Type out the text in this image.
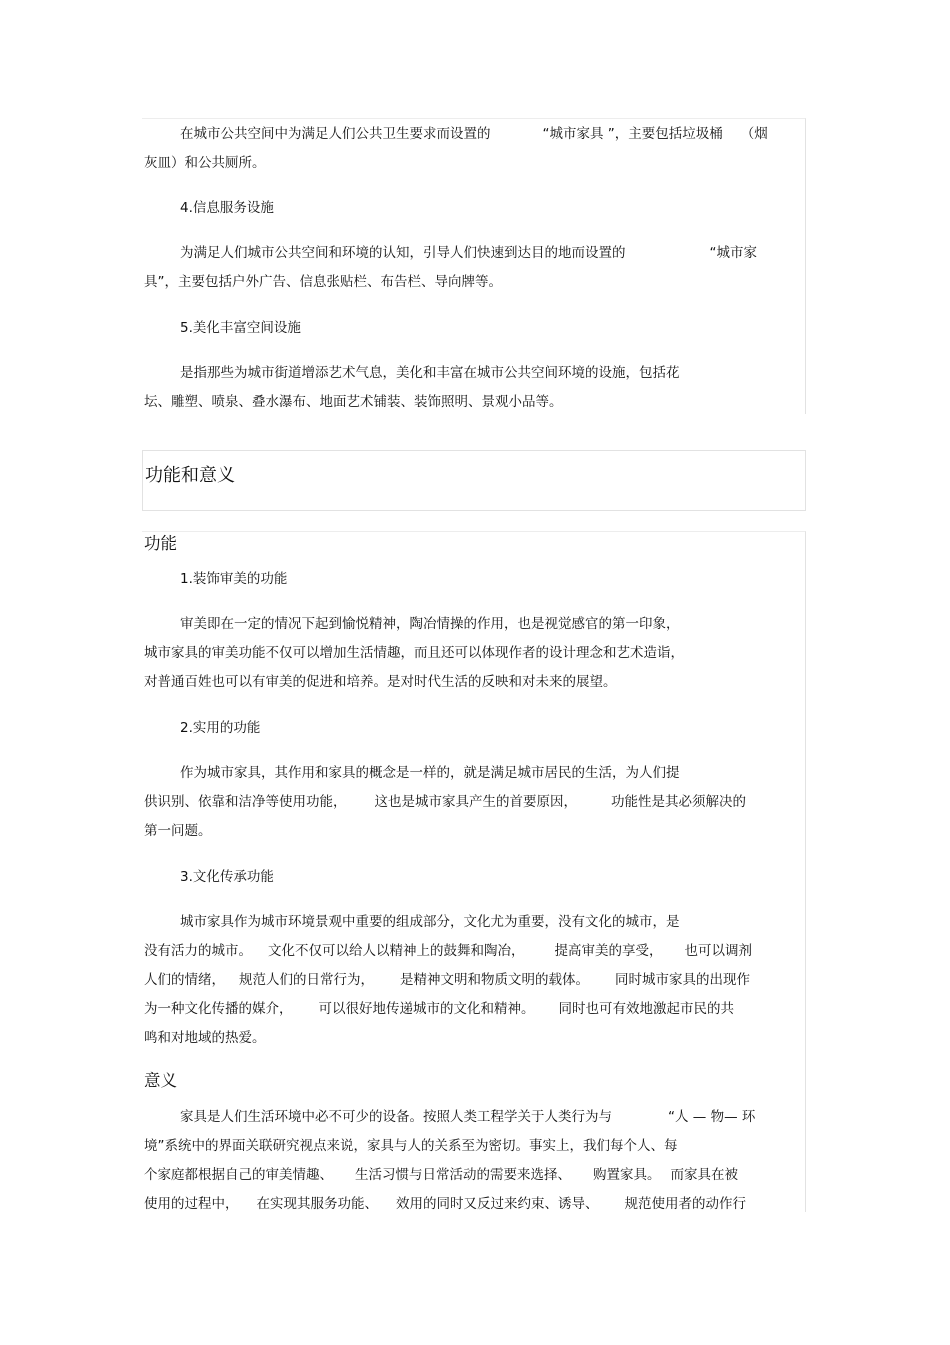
在城市公共空间中为满足人们公共卫生要求而设置的	“城市家具 ”，主要包括垃圾桶 （烟
灰皿）和公共厕所。
4.信息服务设施
为满足人们城市公共空间和环境的认知，引导人们快速到达目的地而设置的	“城市家
具”，主要包括户外广告、信息张贴栏、布告栏、导向牌等。
5.美化丰富空间设施
是指那些为城市街道增添艺术气息，美化和丰富在城市公共空间环境的设施，包括花
坛、雕塑、喷泉、叠水瀑布、地面艺术铺装、装饰照明、景观小品等。
功能和意义
功能
1.装饰审美的功能
审美即在一定的情况下起到愉悦精神，陶冶情操的作用，也是视觉感官的第一印象，
城市家具的审美功能不仅可以增加生活情趣，而且还可以体现作者的设计理念和艺术造诣，
对普通百姓也可以有审美的促进和培养。是对时代生活的反映和对未来的展望。
2.实用的功能
作为城市家具，其作用和家具的概念是一样的，就是满足城市居民的生活，为人们提
供识别、依靠和洁净等使用功能， 这也是城市家具产生的首要原因，	功能性是其必须解决的
第一问题。
3.文化传承功能
城市家具作为城市环境景观中重要的组成部分，文化尤为重要，没有文化的城市，是
没有活力的城市。 文化不仅可以给人以精神上的鼓舞和陶冶， 提高审美的享受， 也可以调剂
人们的情绪， 规范人们的日常行为， 是精神文明和物质文明的载体。 同时城市家具的出现作
为一种文化传播的媒介， 可以很好地传递城市的文化和精神。 同时也可有效地激起市民的共
鸣和对地域的热爱。
意义
家具是人们生活环境中必不可少的设备。按照人类工程学关于人类行为与	“人 — 物— 环
境”系统中的界面关联研究视点来说，家具与人的关系至为密切。事实上，我们每个人、每
个家庭都根据自己的审美情趣、 生活习惯与日常活动的需要来选择、 购置家具。 而家具在被
使用的过程中， 在实现其服务功能、 效用的同时又反过来约束、诱导、 规范使用者的动作行
